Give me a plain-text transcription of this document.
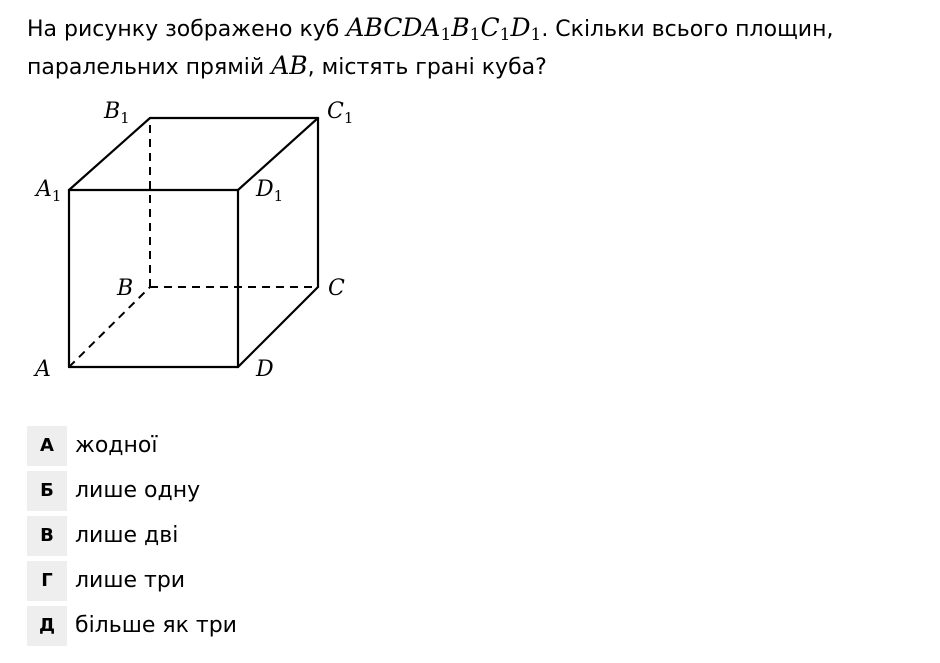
На рисунку зображено куб $ABCDA_1B_1C_1D_1$. Скільки всього площин, паралельних прямій AB, містять грані куба?
$B_1$	$C_1$
$A_1$	$D_1$
B	C
A	D
А жодної
Б лише одну
В лише дві
Г	лише три
Д більше як три
